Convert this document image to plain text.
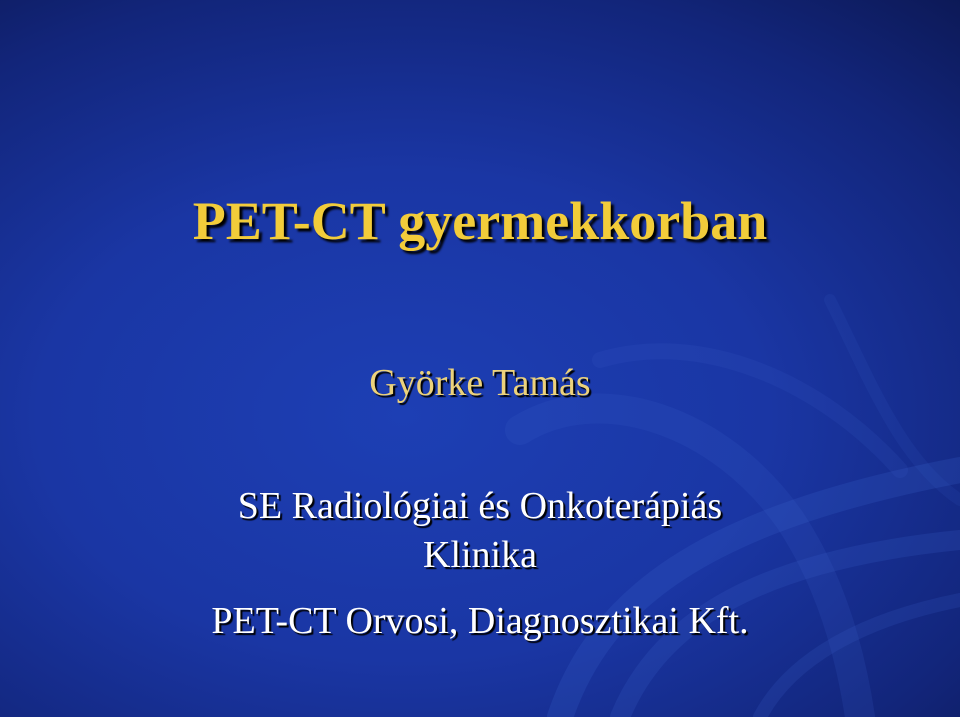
PET-CT gyermekkorban

Györke Tamás

SE Radiológiai és Onkoterápiás

Klinika

PET-CT Orvosi, Diagnosztikai Kft.
